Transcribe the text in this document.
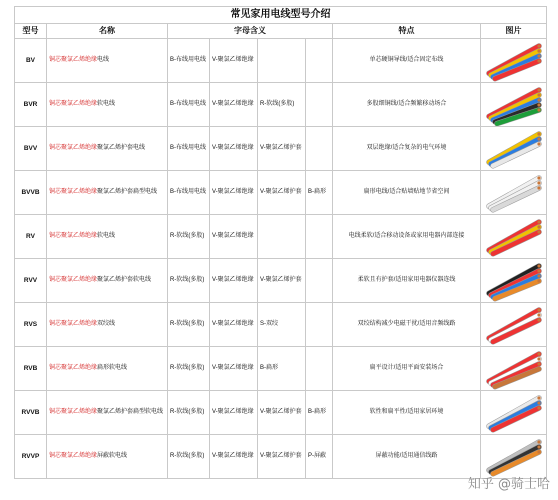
常见家用电线型号介绍							
型号	名称	字母含义				特点	图片
BV	铜芯聚氯乙烯绝缘电线	B-布线用电线	V-聚氯乙烯绝缘			单芯硬铜导线/适合固定布线	

BVR	铜芯聚氯乙烯绝缘软电线	B-布线用电线	V-聚氯乙烯绝缘	R-软线(多股)		多股细铜线/适合频繁移动场合	

BVV	铜芯聚氯乙烯绝缘聚氯乙烯护套电线	B-布线用电线	V-聚氯乙烯绝缘	V-聚氯乙烯护套		双层绝缘/适合复杂的电气环境	

BVVB	铜芯聚氯乙烯绝缘聚氯乙烯护套扁型电线	B-布线用电线	V-聚氯乙烯绝缘	V-聚氯乙烯护套	B-扁形	扁形电线/适合贴墙贴地节省空间	

RV	铜芯聚氯乙烯绝缘软电线	R-软线(多股)	V-聚氯乙烯绝缘			电线柔软/适合移动设备或家用电器内部连接	

RVV	铜芯聚氯乙烯绝缘聚氯乙烯护套软电线	R-软线(多股)	V-聚氯乙烯绝缘	V-聚氯乙烯护套		柔软且有护套/适用家用电器仪器连线	

RVS	铜芯聚氯乙烯绝缘双绞线	R-软线(多股)	V-聚氯乙烯绝缘	S-双绞		双绞结构减少电磁干扰/适用音频线路	

RVB	铜芯聚氯乙烯绝缘扁形软电线	R-软线(多股)	V-聚氯乙烯绝缘	B-扁形		扁平设计/适用平面安装场合	

RVVB	铜芯聚氯乙烯绝缘聚氯乙烯护套扁型软电线	R-软线(多股)	V-聚氯乙烯绝缘	V-聚氯乙烯护套	B-扁形	软性和扁平性/适用家居环境	

RVVP	铜芯聚氯乙烯绝缘屏蔽软电线	R-软线(多股)	V-聚氯乙烯绝缘	V-聚氯乙烯护套	P-屏蔽	屏蔽功能/适用通信线路	
知乎 @骑士哈
